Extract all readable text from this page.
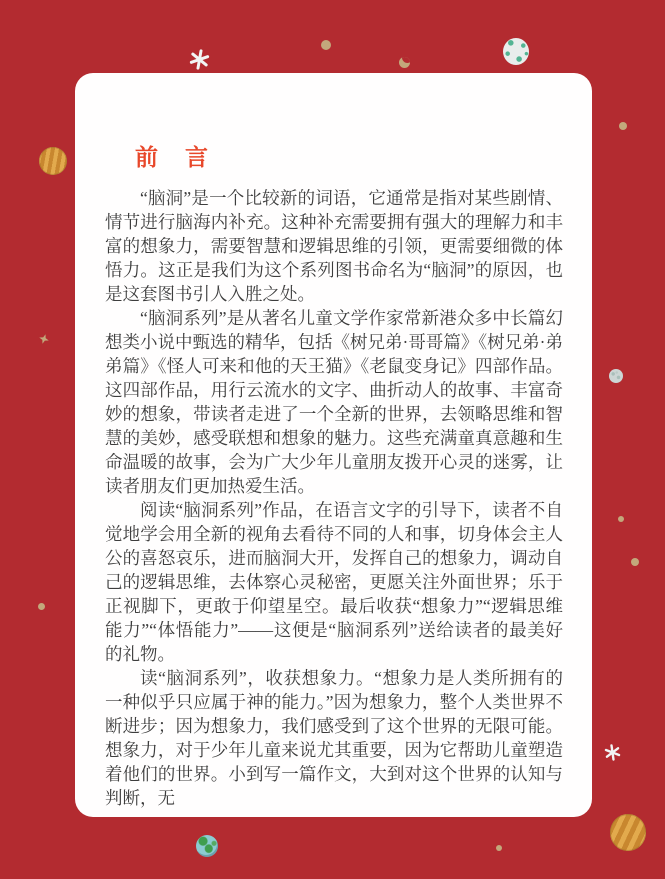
前　言

“脑洞”是一个比较新的词语，它通常是指对某些剧情、情节进行脑海内补充。这种补充需要拥有强大的理解力和丰富的想象力，需要智慧和逻辑思维的引领，更需要细微的体悟力。这正是我们为这个系列图书命名为“脑洞”的原因，也是这套图书引人入胜之处。

“脑洞系列”是从著名儿童文学作家常新港众多中长篇幻想类小说中甄选的精华，包括《树兄弟·哥哥篇》《树兄弟·弟弟篇》《怪人可来和他的天王猫》《老鼠变身记》四部作品。这四部作品，用行云流水的文字、曲折动人的故事、丰富奇妙的想象，带读者走进了一个全新的世界，去领略思维和智慧的美妙，感受联想和想象的魅力。这些充满童真意趣和生命温暖的故事，会为广大少年儿童朋友拨开心灵的迷雾，让读者朋友们更加热爱生活。

阅读“脑洞系列”作品，在语言文字的引导下，读者不自觉地学会用全新的视角去看待不同的人和事，切身体会主人公的喜怒哀乐，进而脑洞大开，发挥自己的想象力，调动自己的逻辑思维，去体察心灵秘密，更愿关注外面世界；乐于正视脚下，更敢于仰望星空。最后收获“想象力”“逻辑思维能力”“体悟能力”——这便是“脑洞系列”送给读者的最美好的礼物。

读“脑洞系列”，收获想象力。“想象力是人类所拥有的一种似乎只应属于神的能力。”因为想象力，整个人类世界不断进步；因为想象力，我们感受到了这个世界的无限可能。想象力，对于少年儿童来说尤其重要，因为它帮助儿童塑造着他们的世界。小到写一篇作文，大到对这个世界的认知与判断，无
